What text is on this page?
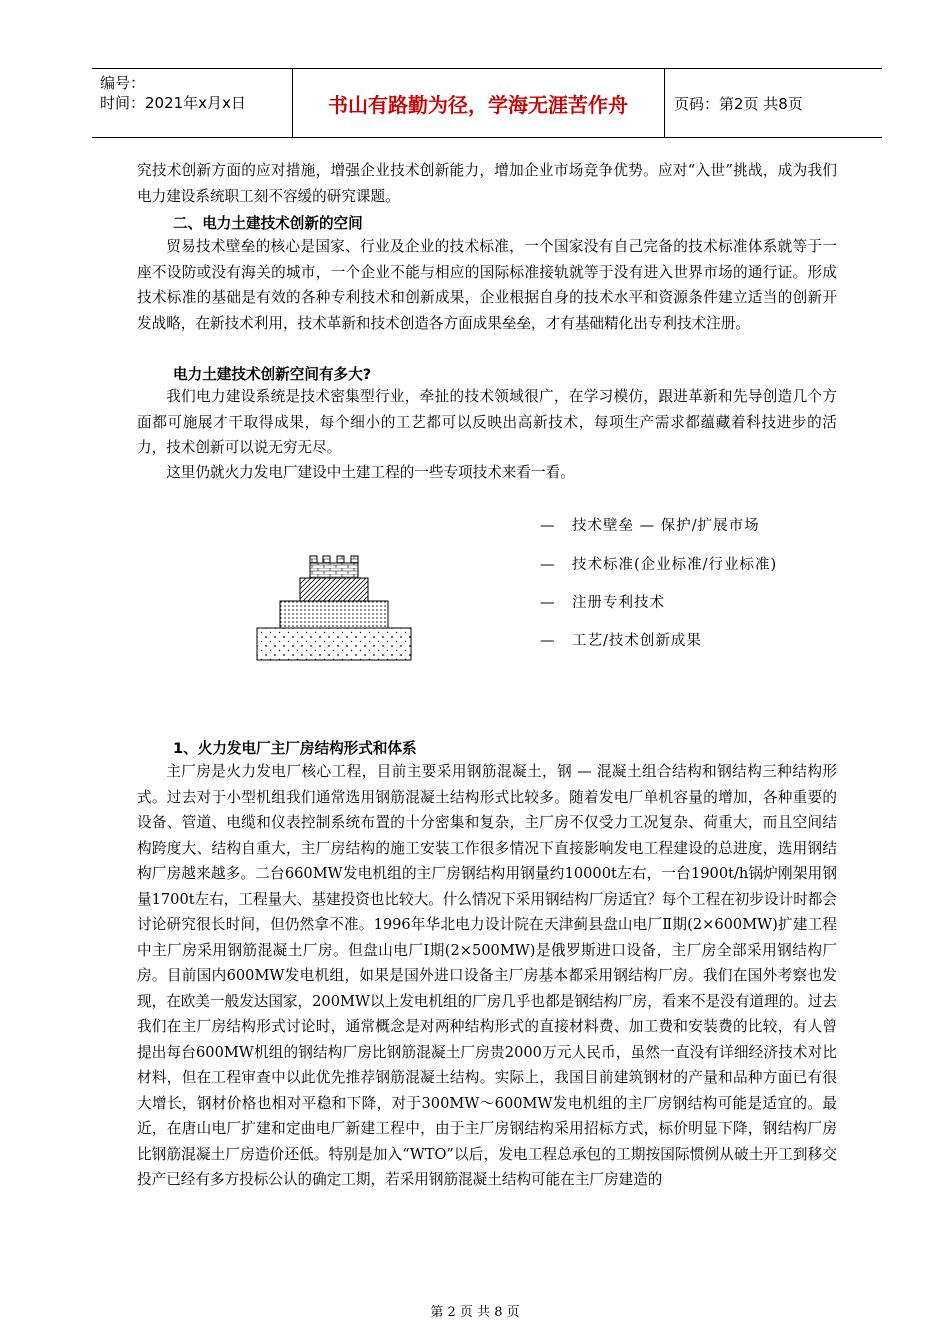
编号：
时间：2021年x月x日	书山有路勤为径，学海无涯苦作舟	页码：第2页 共8页
究技术创新方面的应对措施，增强企业技术创新能力，增加企业市场竞争优势。应对“入世”挑战，成为我们电力建设系统职工刻不容缓的研究课题。
二、电力土建技术创新的空间
贸易技术壁垒的核心是国家、行业及企业的技术标准，一个国家没有自己完备的技术标准体系就等于一座不设防或没有海关的城市，一个企业不能与相应的国际标准接轨就等于没有进入世界市场的通行证。形成技术标准的基础是有效的各种专利技术和创新成果，企业根据自身的技术水平和资源条件建立适当的创新开发战略，在新技术利用，技术革新和技术创造各方面成果垒垒，才有基础精化出专利技术注册。
电力土建技术创新空间有多大?
我们电力建设系统是技术密集型行业，牵扯的技术领域很广，在学习模仿，跟进革新和先导创造几个方面都可施展才干取得成果，每个细小的工艺都可以反映出高新技术，每项生产需求都蕴藏着科技进步的活力，技术创新可以说无穷无尽。
这里仍就火力发电厂建设中土建工程的一些专项技术来看一看。
— 技术壁垒 — 保护/扩展市场
— 技术标准(企业标准/行业标准)
— 注册专利技术
— 工艺/技术创新成果
1、火力发电厂主厂房结构形式和体系
主厂房是火力发电厂核心工程，目前主要采用钢筋混凝土，钢 — 混凝土组合结构和钢结构三种结构形式。过去对于小型机组我们通常选用钢筋混凝土结构形式比较多。随着发电厂单机容量的增加，各种重要的设备、管道、电缆和仪表控制系统布置的十分密集和复杂，主厂房不仅受力工况复杂、荷重大，而且空间结构跨度大、结构自重大，主厂房结构的施工安装工作很多情况下直接影响发电工程建设的总进度，选用钢结构厂房越来越多。二台660MW发电机组的主厂房钢结构用钢量约10000t左右，一台1900t/h锅炉刚架用钢量1700t左右，工程量大、基建投资也比较大。什么情况下采用钢结构厂房适宜？每个工程在初步设计时都会讨论研究很长时间，但仍然拿不准。1996年华北电力设计院在天津蓟县盘山电厂Ⅱ期(2×600MW)扩建工程中主厂房采用钢筋混凝土厂房。但盘山电厂Ⅰ期(2×500MW)是俄罗斯进口设备，主厂房全部采用钢结构厂房。目前国内600MW发电机组，如果是国外进口设备主厂房基本都采用钢结构厂房。我们在国外考察也发现，在欧美一般发达国家，200MW以上发电机组的厂房几乎也都是钢结构厂房，看来不是没有道理的。过去我们在主厂房结构形式讨论时，通常概念是对两种结构形式的直接材料费、加工费和安装费的比较，有人曾提出每台600MW机组的钢结构厂房比钢筋混凝土厂房贵2000万元人民币，虽然一直没有详细经济技术对比材料，但在工程审查中以此优先推荐钢筋混凝土结构。实际上，我国目前建筑钢材的产量和品种方面已有很大增长，钢材价格也相对平稳和下降，对于300MW～600MW发电机组的主厂房钢结构可能是适宜的。最近，在唐山电厂扩建和定曲电厂新建工程中，由于主厂房钢结构采用招标方式，标价明显下降，钢结构厂房比钢筋混凝土厂房造价还低。特别是加入“WTO”以后，发电工程总承包的工期按国际惯例从破土开工到移交投产已经有多方投标公认的确定工期，若采用钢筋混凝土结构可能在主厂房建造的
第 2 页 共 8 页
